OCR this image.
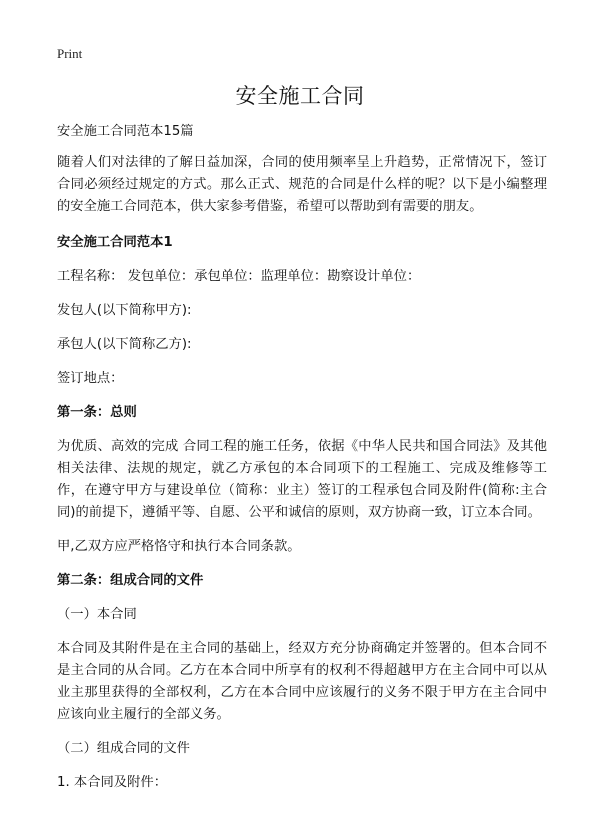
Print
安全施工合同

安全施工合同范本15篇

随着人们对法律的了解日益加深，合同的使用频率呈上升趋势，正常情况下，签订合同必须经过规定的方式。那么正式、规范的合同是什么样的呢？以下是小编整理的安全施工合同范本，供大家参考借鉴，希望可以帮助到有需要的朋友。

安全施工合同范本1

工程名称： 发包单位：承包单位：监理单位：勘察设计单位：

发包人(以下简称甲方):

承包人(以下简称乙方):

签订地点：

第一条：总则

为优质、高效的完成 合同工程的施工任务，依据《中华人民共和国合同法》及其他相关法律、法规的规定，就乙方承包的本合同项下的工程施工、完成及维修等工作，在遵守甲方与建设单位（简称：业主）签订的工程承包合同及附件(简称:主合同)的前提下，遵循平等、自愿、公平和诚信的原则，双方协商一致，订立本合同。

甲,乙双方应严格恪守和执行本合同条款。

第二条：组成合同的文件

（一）本合同

本合同及其附件是在主合同的基础上，经双方充分协商确定并签署的。但本合同不是主合同的从合同。乙方在本合同中所享有的权利不得超越甲方在主合同中可以从业主那里获得的全部权利，乙方在本合同中应该履行的义务不限于甲方在主合同中应该向业主履行的全部义务。

（二）组成合同的文件

1. 本合同及附件：
